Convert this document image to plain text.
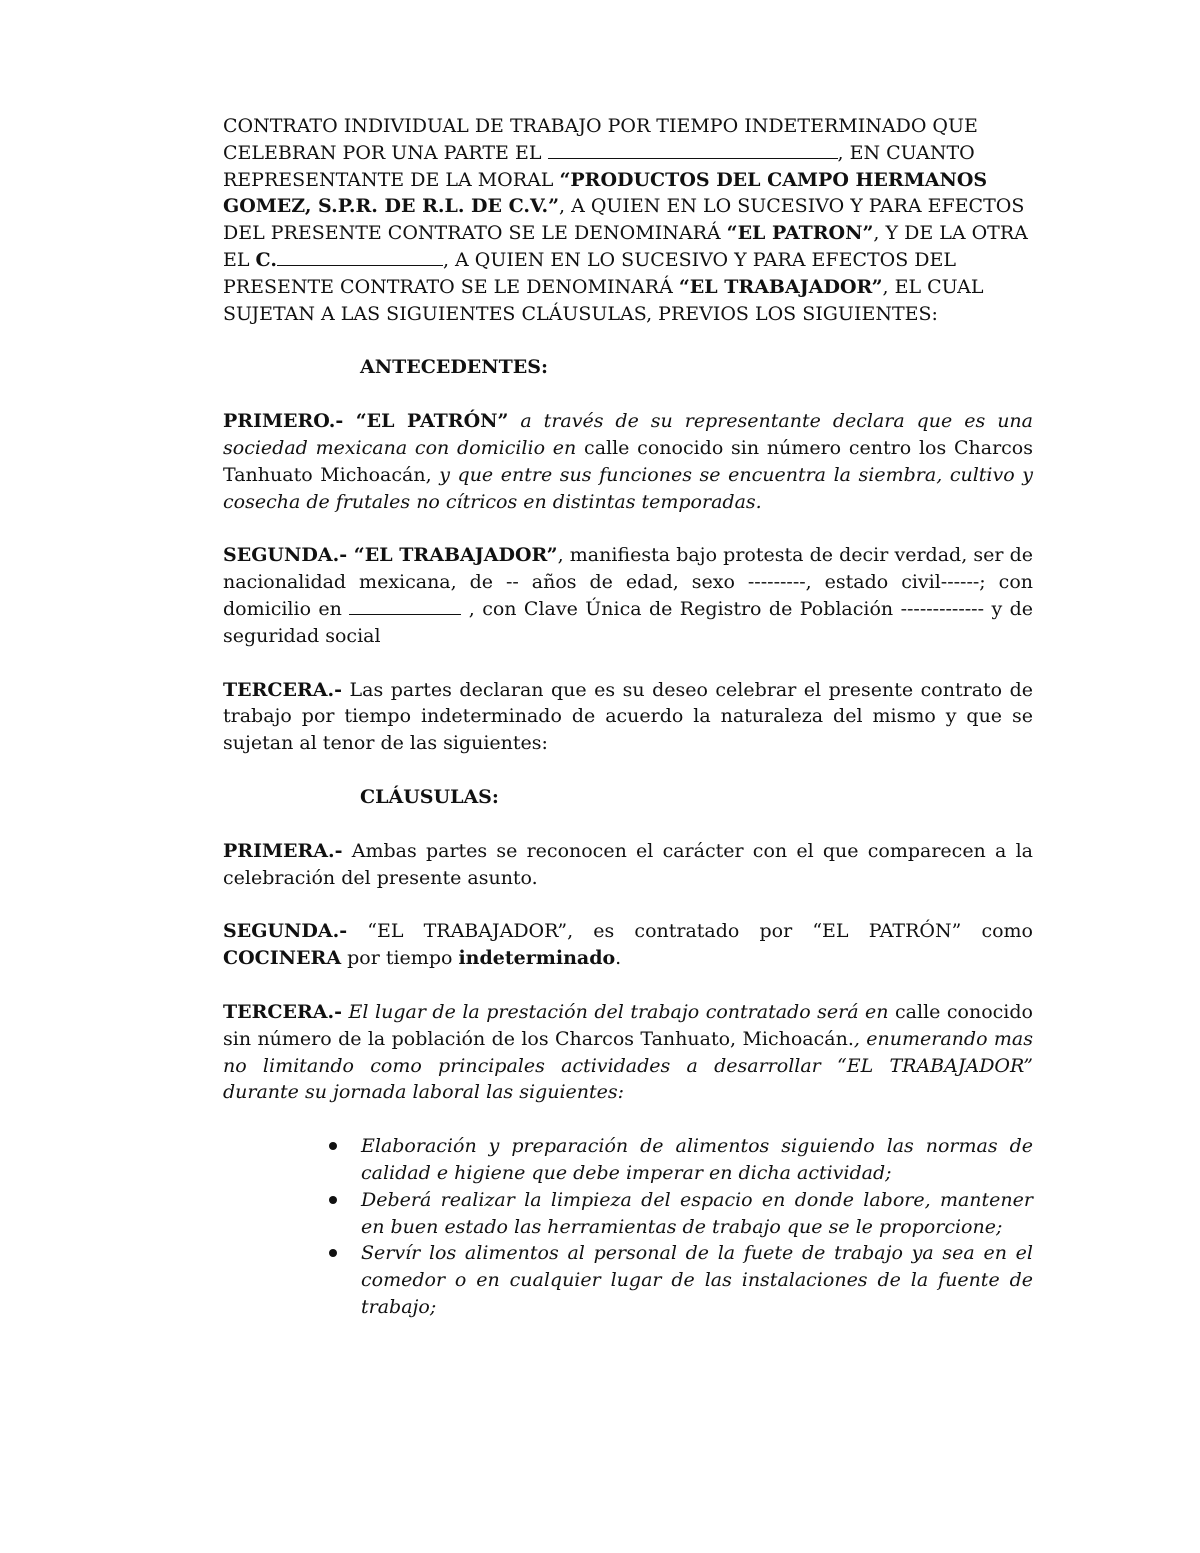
CONTRATO INDIVIDUAL DE TRABAJO POR TIEMPO INDETERMINADO QUE CELEBRAN POR UNA PARTE EL	, EN CUANTO REPRESENTANTE DE LA MORAL “PRODUCTOS DEL CAMPO HERMANOS GOMEZ, S.P.R. DE R.L. DE C.V.”, A QUIEN EN LO SUCESIVO Y PARA EFECTOS DEL PRESENTE CONTRATO SE LE DENOMINARÁ “EL PATRON”, Y DE LA OTRA EL C.	, A QUIEN EN LO SUCESIVO Y PARA EFECTOS DEL PRESENTE CONTRATO SE LE DENOMINARÁ “EL TRABAJADOR”, EL CUAL SUJETAN A LAS SIGUIENTES CLÁUSULAS, PREVIOS LOS SIGUIENTES:

ANTECEDENTES:

PRIMERO.- “EL PATRÓN” a través de su representante declara que es una sociedad mexicana con domicilio en calle conocido sin número centro los Charcos Tanhuato Michoacán, y que entre sus funciones se encuentra la siembra, cultivo y cosecha de frutales no cítricos en distintas temporadas.

SEGUNDA.- “EL TRABAJADOR”, manifiesta bajo protesta de decir verdad, ser de nacionalidad mexicana, de -- años de edad, sexo ---------, estado civil------; con domicilio en	, con Clave Única de Registro de Población ------------- y de seguridad social

TERCERA.- Las partes declaran que es su deseo celebrar el presente contrato de trabajo por tiempo indeterminado de acuerdo la naturaleza del mismo y que se sujetan al tenor de las siguientes:

CLÁUSULAS:

PRIMERA.- Ambas partes se reconocen el carácter con el que comparecen a la celebración del presente asunto.

SEGUNDA.- “EL TRABAJADOR”, es contratado por “EL PATRÓN” como COCINERA por tiempo indeterminado.

TERCERA.- El lugar de la prestación del trabajo contratado será en calle conocido sin número de la población de los Charcos Tanhuato, Michoacán., enumerando mas no limitando como principales actividades a desarrollar “EL TRABAJADOR” durante su jornada laboral las siguientes:

Elaboración y preparación de alimentos siguiendo las normas de calidad e higiene que debe imperar en dicha actividad;
Deberá realizar la limpieza del espacio en donde labore, mantener en buen estado las herramientas de trabajo que se le proporcione;
Servír los alimentos al personal de la fuete de trabajo ya sea en el comedor o en cualquier lugar de las instalaciones de la fuente de trabajo;
